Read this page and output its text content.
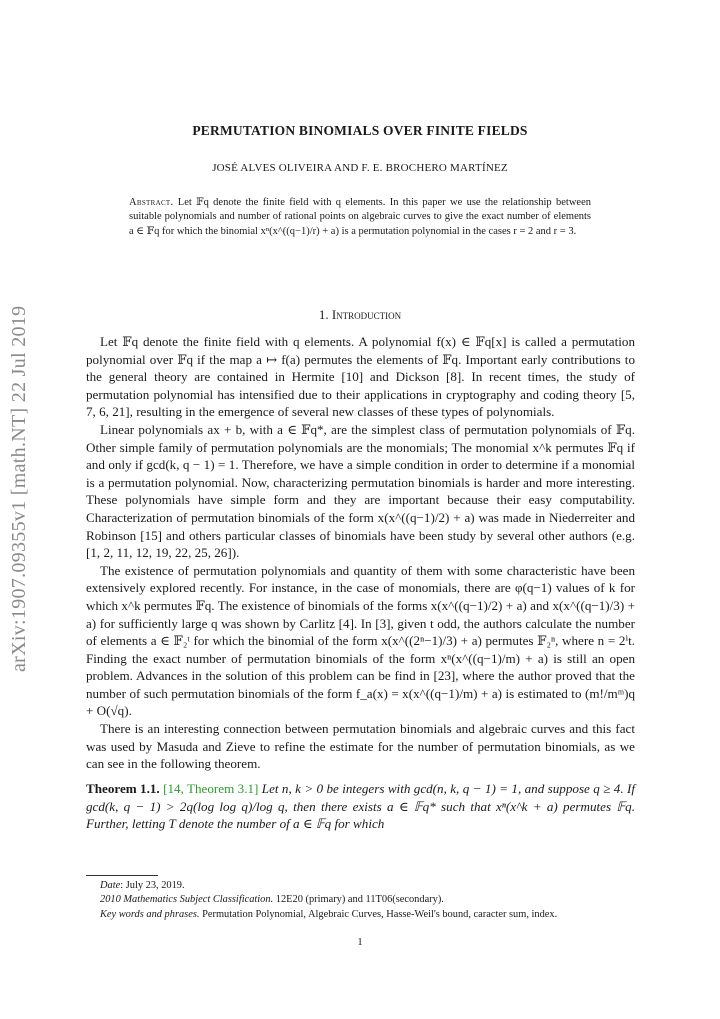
arXiv:1907.09355v1 [math.NT] 22 Jul 2019
PERMUTATION BINOMIALS OVER FINITE FIELDS
JOSÉ ALVES OLIVEIRA AND F. E. BROCHERO MARTÍNEZ
Abstract. Let 𝔽q denote the finite field with q elements. In this paper we use the relationship between suitable polynomials and number of rational points on algebraic curves to give the exact number of elements a ∈ 𝔽q for which the binomial xⁿ(x^((q−1)/r) + a) is a permutation polynomial in the cases r = 2 and r = 3.
1. Introduction

Let 𝔽q denote the finite field with q elements. A polynomial f(x) ∈ 𝔽q[x] is called a permutation polynomial over 𝔽q if the map a ↦ f(a) permutes the elements of 𝔽q. Important early contributions to the general theory are contained in Hermite [10] and Dickson [8]. In recent times, the study of permutation polynomial has intensified due to their applications in cryptography and coding theory [5, 7, 6, 21], resulting in the emergence of several new classes of these types of polynomials.

Linear polynomials ax + b, with a ∈ 𝔽q*, are the simplest class of permutation polynomials of 𝔽q. Other simple family of permutation polynomials are the monomials; The monomial x^k permutes 𝔽q if and only if gcd(k, q − 1) = 1. Therefore, we have a simple condition in order to determine if a monomial is a permutation polynomial. Now, characterizing permutation binomials is harder and more interesting. These polynomials have simple form and they are important because their easy computability. Characterization of permutation binomials of the form x(x^((q−1)/2) + a) was made in Niederreiter and Robinson [15] and others particular classes of binomials have been study by several other authors (e.g. [1, 2, 11, 12, 19, 22, 25, 26]).

The existence of permutation polynomials and quantity of them with some characteristic have been extensively explored recently. For instance, in the case of monomials, there are φ(q−1) values of k for which x^k permutes 𝔽q. The existence of binomials of the forms x(x^((q−1)/2) + a) and x(x^((q−1)/3) + a) for sufficiently large q was shown by Carlitz [4]. In [3], given t odd, the authors calculate the number of elements a ∈ 𝔽₂ᵗ for which the binomial of the form x(x^((2ⁿ−1)/3) + a) permutes 𝔽₂ⁿ, where n = 2ⁱt. Finding the exact number of permutation binomials of the form xⁿ(x^((q−1)/m) + a) is still an open problem. Advances in the solution of this problem can be find in [23], where the author proved that the number of such permutation binomials of the form f_a(x) = x(x^((q−1)/m) + a) is estimated to (m!/mᵐ)q + O(√q).

There is an interesting connection between permutation binomials and algebraic curves and this fact was used by Masuda and Zieve to refine the estimate for the number of permutation binomials, as we can see in the following theorem.

Theorem 1.1. [14, Theorem 3.1] Let n, k > 0 be integers with gcd(n, k, q − 1) = 1, and suppose q ≥ 4. If gcd(k, q − 1) > 2q(log log q)/log q, then there exists a ∈ 𝔽q* such that xⁿ(x^k + a) permutes 𝔽q. Further, letting T denote the number of a ∈ 𝔽q for which
Date: July 23, 2019.
2010 Mathematics Subject Classification. 12E20 (primary) and 11T06(secondary).
Key words and phrases. Permutation Polynomial, Algebraic Curves, Hasse-Weil's bound, caracter sum, index.
1
